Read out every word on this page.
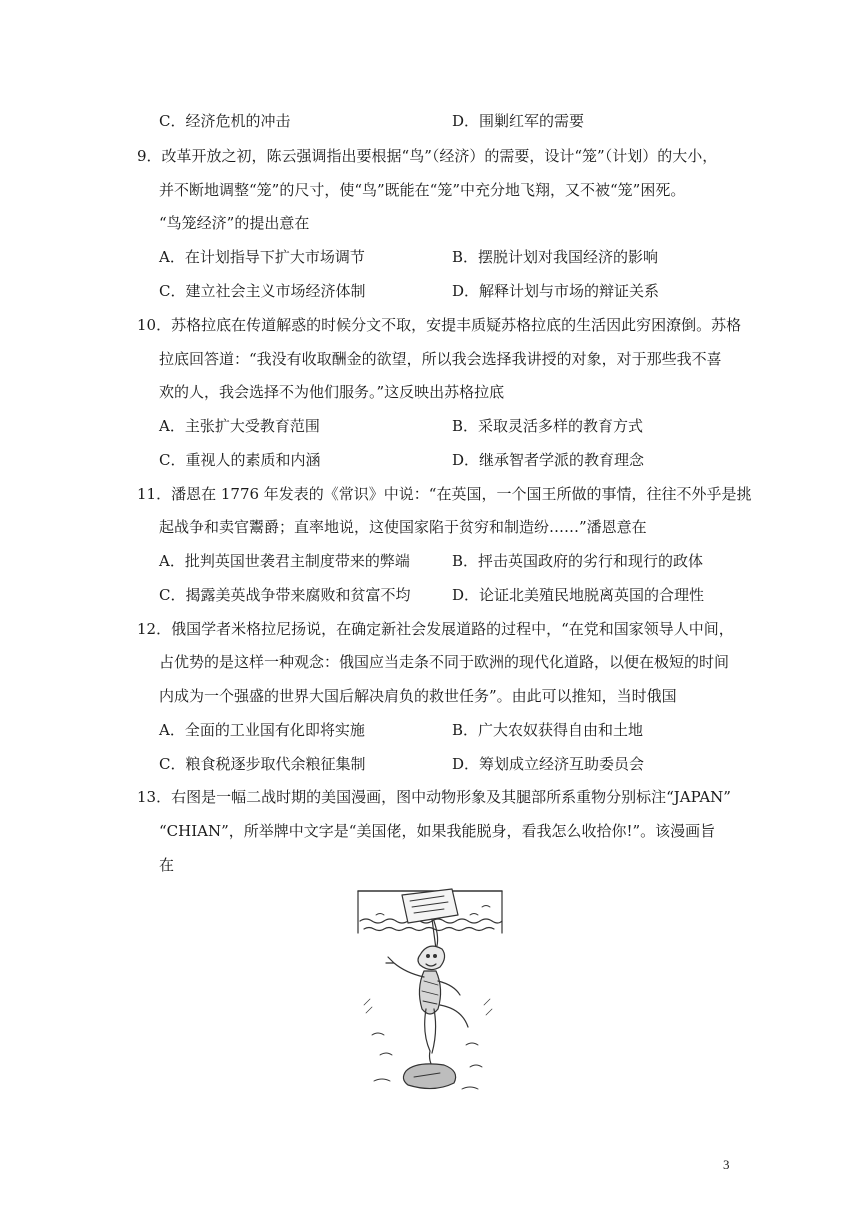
C．经济危机的冲击	D．围剿红军的需要
9．改革开放之初，陈云强调指出要根据“鸟”（经济）的需要，设计“笼”（计划）的大小，
并不断地调整“笼”的尺寸，使“鸟”既能在“笼”中充分地飞翔，又不被“笼”困死。
“鸟笼经济”的提出意在
A．在计划指导下扩大市场调节	B．摆脱计划对我国经济的影响
C．建立社会主义市场经济体制	D．解释计划与市场的辩证关系
10．苏格拉底在传道解惑的时候分文不取，安提丰质疑苏格拉底的生活因此穷困潦倒。苏格
拉底回答道：“我没有收取酬金的欲望，所以我会选择我讲授的对象，对于那些我不喜
欢的人，我会选择不为他们服务。”这反映出苏格拉底
A．主张扩大受教育范围	B．采取灵活多样的教育方式
C．重视人的素质和内涵	D．继承智者学派的教育理念
11．潘恩在 1776 年发表的《常识》中说：“在英国，一个国王所做的事情，往往不外乎是挑
起战争和卖官鬻爵；直率地说，这使国家陷于贫穷和制造纷……”潘恩意在
A．批判英国世袭君主制度带来的弊端	B．抨击英国政府的劣行和现行的政体
C．揭露美英战争带来腐败和贫富不均	D．论证北美殖民地脱离英国的合理性
12．俄国学者米格拉尼扬说，在确定新社会发展道路的过程中，“在党和国家领导人中间，
占优势的是这样一种观念：俄国应当走条不同于欧洲的现代化道路，以便在极短的时间
内成为一个强盛的世界大国后解决肩负的救世任务”。由此可以推知，当时俄国
A．全面的工业国有化即将实施	B．广大农奴获得自由和土地
C．粮食税逐步取代余粮征集制	D．筹划成立经济互助委员会
13．右图是一幅二战时期的美国漫画，图中动物形象及其腿部所系重物分别标注“JAPAN”
“CHIAN”，所举牌中文字是“美国佬，如果我能脱身，看我怎么收拾你!”。该漫画旨
在
3
